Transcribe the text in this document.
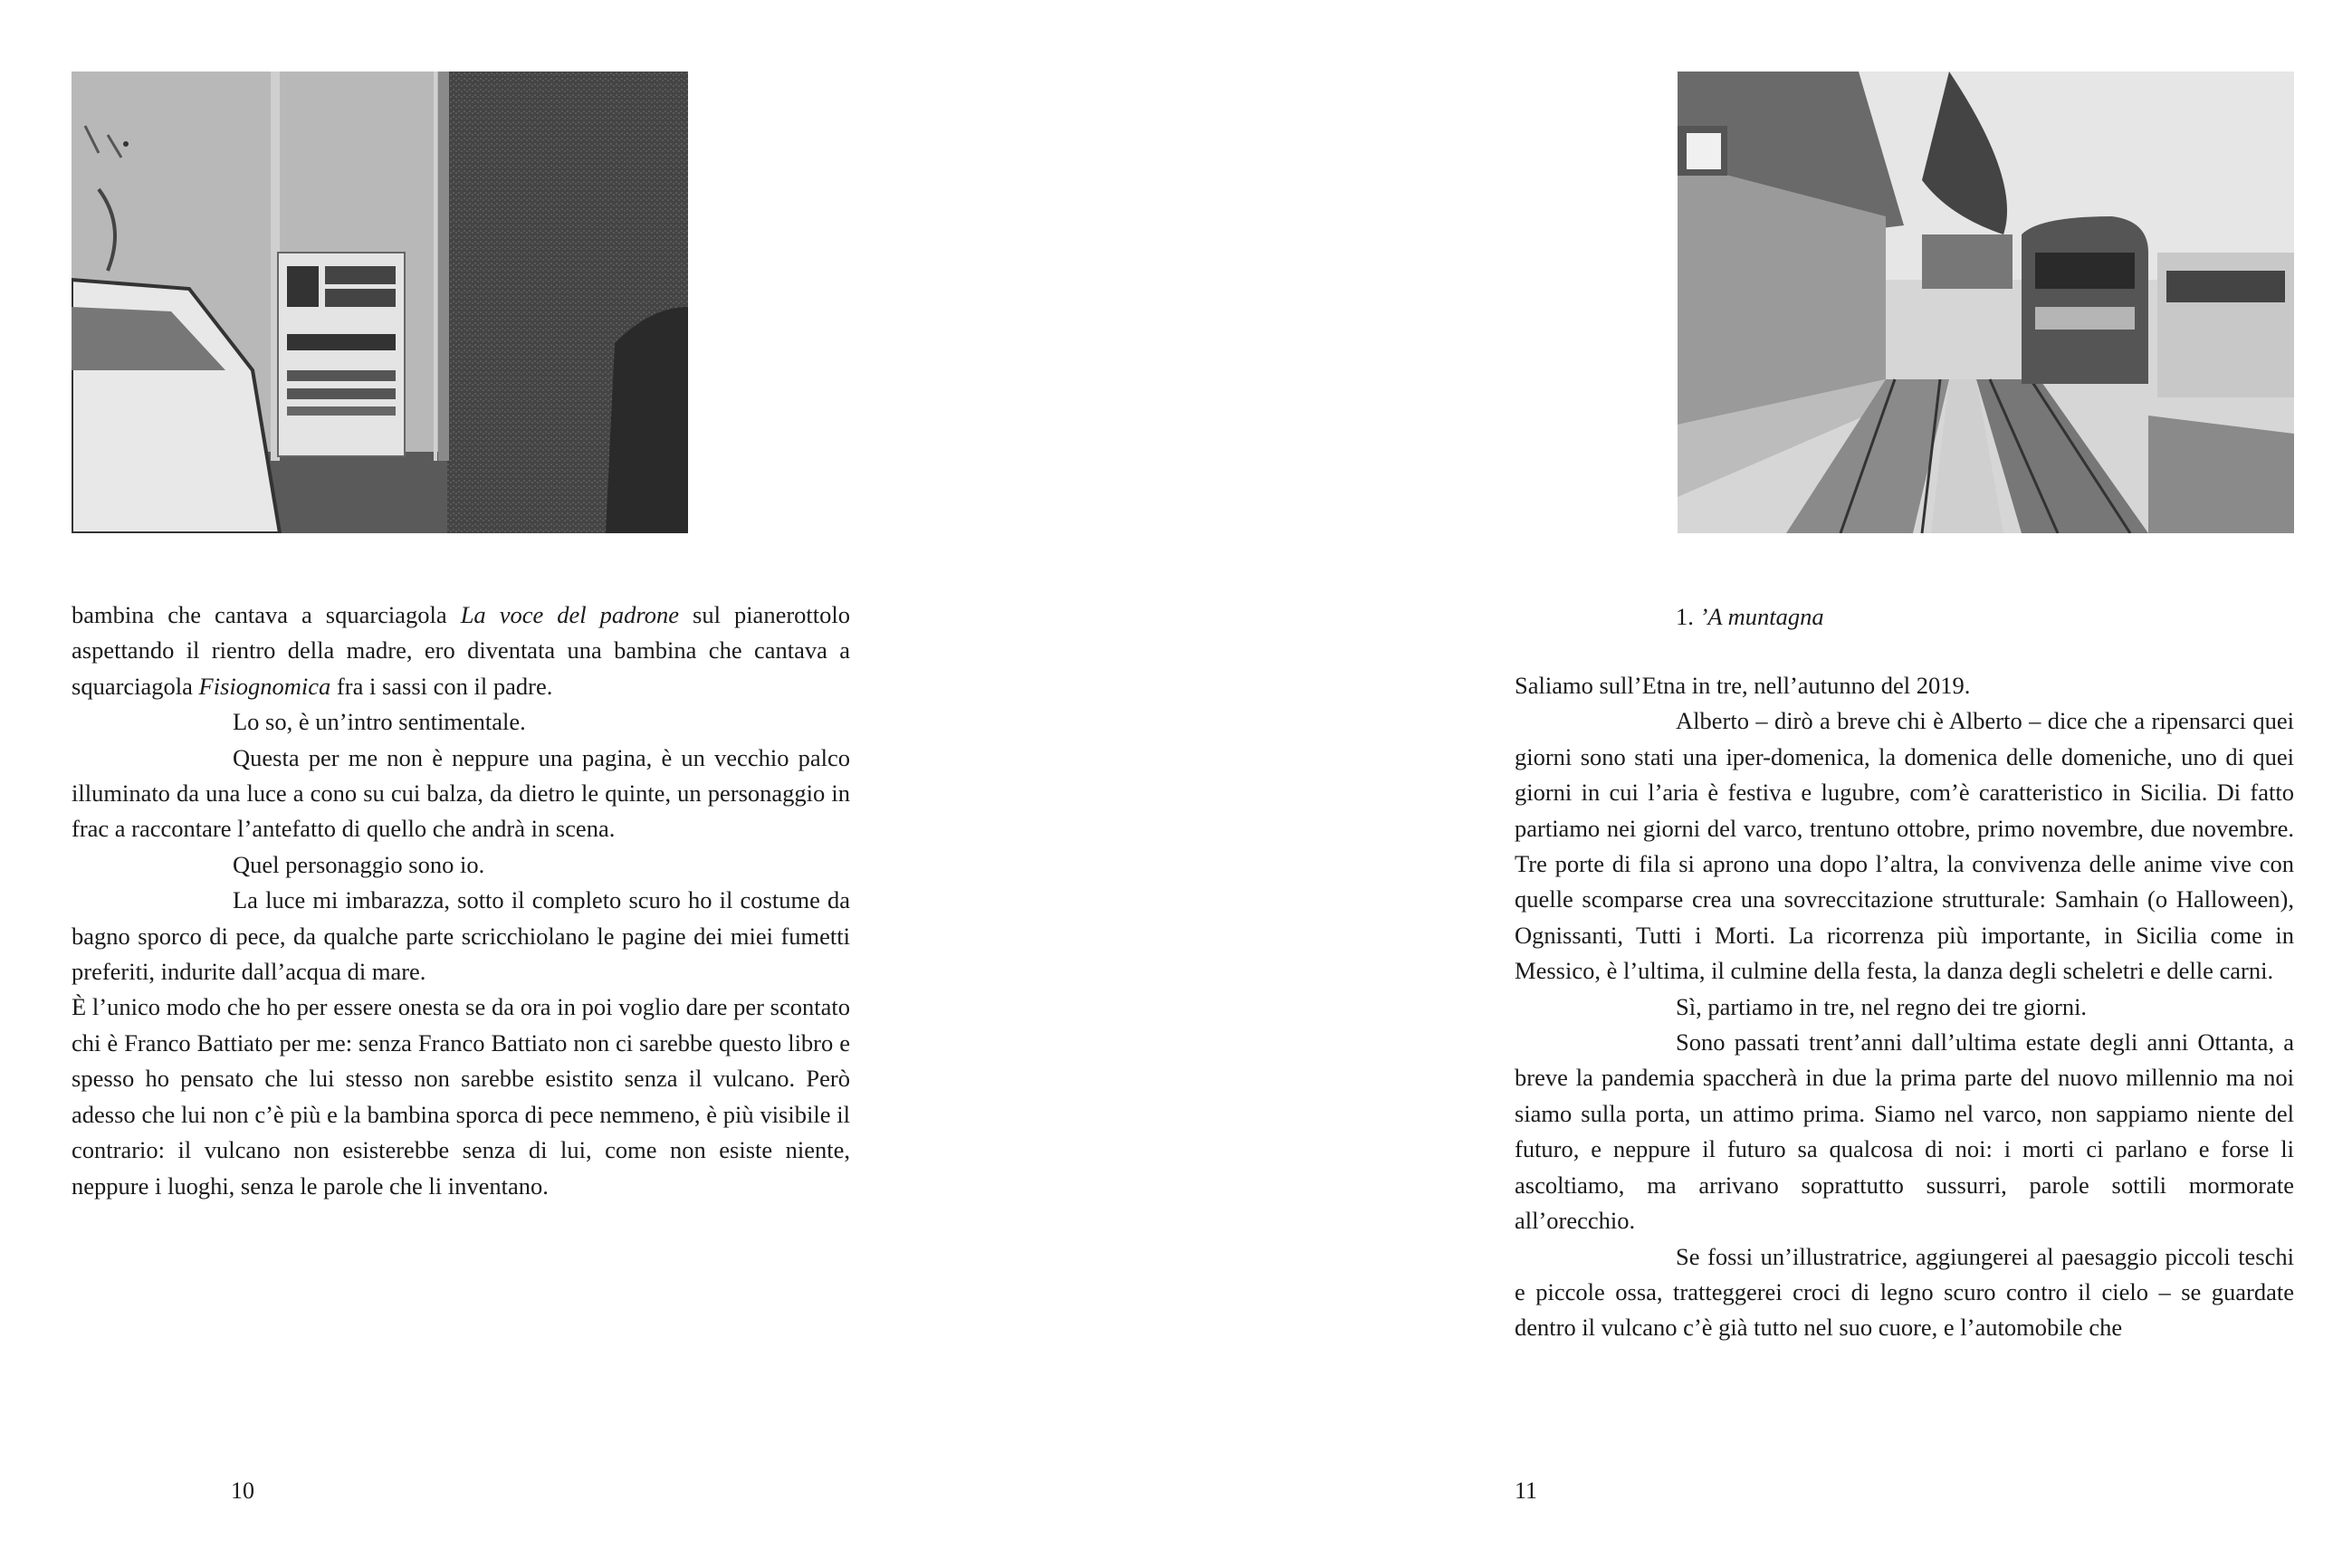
bambina che cantava a squarciagola La voce del padrone sul pianerottolo aspettando il rientro della madre, ero diventata una bambina che cantava a squarciagola Fisiognomica fra i sassi con il padre.

Lo so, è un’intro sentimentale.

Questa per me non è neppure una pagina, è un vecchio palco illuminato da una luce a cono su cui balza, da dietro le quinte, un personaggio in frac a raccontare l’antefatto di quello che andrà in scena.

Quel personaggio sono io.

La luce mi imbarazza, sotto il completo scuro ho il costume da bagno sporco di pece, da qualche parte scricchiolano le pagine dei miei fumetti preferiti, indurite dall’acqua di mare.

È l’unico modo che ho per essere onesta se da ora in poi voglio dare per scontato chi è Franco Battiato per me: senza Franco Battiato non ci sarebbe questo libro e spesso ho pensato che lui stesso non sarebbe esistito senza il vulcano. Però adesso che lui non c’è più e la bambina sporca di pece nemmeno, è più visibile il contrario: il vulcano non esisterebbe senza di lui, come non esiste niente, neppure i luoghi, senza le parole che li inventano.

10
1. ’A muntagna

Saliamo sull’Etna in tre, nell’autunno del 2019.

Alberto – dirò a breve chi è Alberto – dice che a ripensarci quei giorni sono stati una iper-domenica, la domenica delle domeniche, uno di quei giorni in cui l’aria è festiva e lugubre, com’è caratteristico in Sicilia. Di fatto partiamo nei giorni del varco, trentuno ottobre, primo novembre, due novembre. Tre porte di fila si aprono una dopo l’altra, la convivenza delle anime vive con quelle scomparse crea una sovreccitazione strutturale: Samhain (o Halloween), Ognissanti, Tutti i Morti. La ricorrenza più importante, in Sicilia come in Messico, è l’ultima, il culmine della festa, la danza degli scheletri e delle carni.

Sì, partiamo in tre, nel regno dei tre giorni.

Sono passati trent’anni dall’ultima estate degli anni Ottanta, a breve la pandemia spaccherà in due la prima parte del nuovo millennio ma noi siamo sulla porta, un attimo prima. Siamo nel varco, non sappiamo niente del futuro, e neppure il futuro sa qualcosa di noi: i morti ci parlano e forse li ascoltiamo, ma arrivano soprattutto sussurri, parole sottili mormorate all’orecchio.

Se fossi un’illustratrice, aggiungerei al paesaggio piccoli teschi e piccole ossa, tratteggerei croci di legno scuro contro il cielo – se guardate dentro il vulcano c’è già tutto nel suo cuore, e l’automobile che

11
